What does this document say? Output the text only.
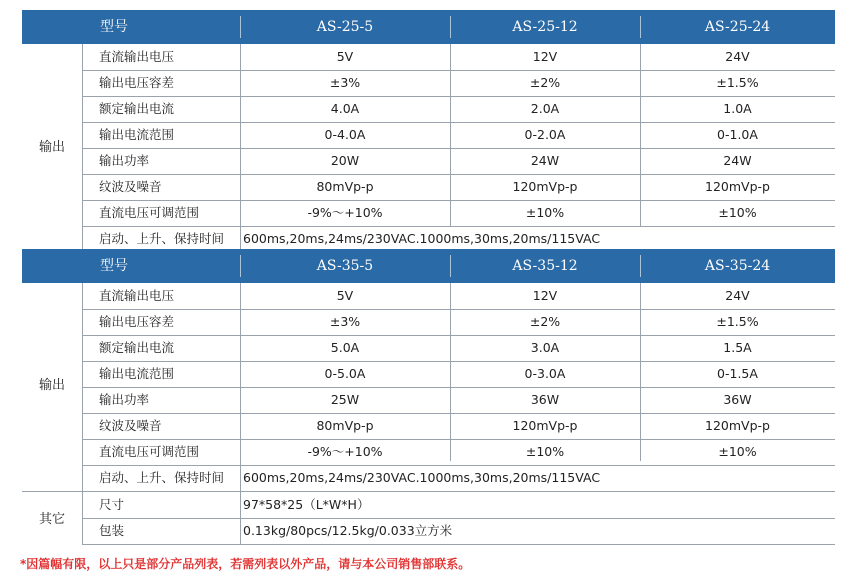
型号	AS-25-5	AS-25-12	AS-25-24
输出
直流输出电压	5V	12V	24V
输出电压容差	±3%	±2%	±1.5%
额定输出电流	4.0A	2.0A	1.0A
输出电流范围	0-4.0A	0-2.0A	0-1.0A
输出功率	20W	24W	24W
纹波及噪音	80mVp-p	120mVp-p	120mVp-p
直流电压可调范围	-9%～+10%	±10%	±10%
启动、上升、保持时间 600ms,20ms,24ms/230VAC.1000ms,30ms,20ms/115VAC
型号	AS-35-5	AS-35-12	AS-35-24
输出
直流输出电压	5V	12V	24V
输出电压容差	±3%	±2%	±1.5%
额定输出电流	5.0A	3.0A	1.5A
输出电流范围	0-5.0A	0-3.0A	0-1.5A
输出功率	25W	36W	36W
纹波及噪音	80mVp-p	120mVp-p	120mVp-p
直流电压可调范围	-9%～+10%	±10%	±10%
启动、上升、保持时间 600ms,20ms,24ms/230VAC.1000ms,30ms,20ms/115VAC
其它
尺寸	97*58*25（L*W*H）
包装	0.13kg/80pcs/12.5kg/0.033立方米
*因篇幅有限，以上只是部分产品列表，若需列表以外产品，请与本公司销售部联系。
